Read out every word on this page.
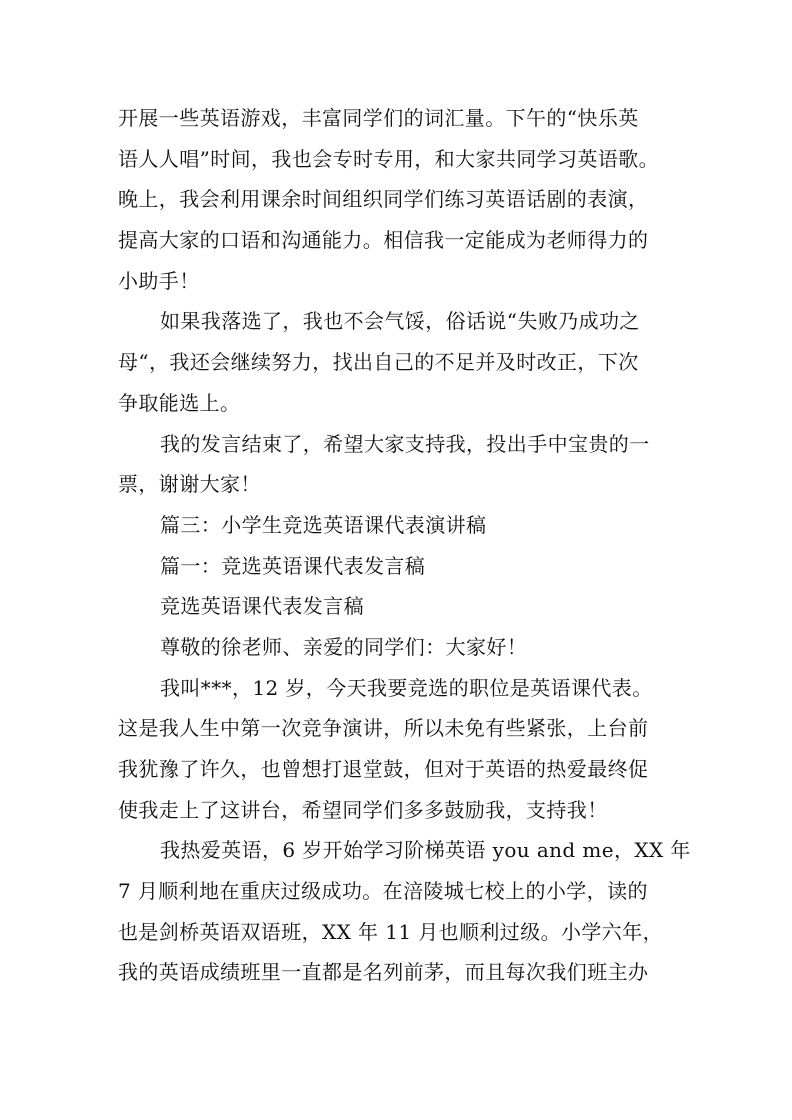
开展一些英语游戏，丰富同学们的词汇量。下午的“快乐英
语人人唱”时间，我也会专时专用，和大家共同学习英语歌。
晚上，我会利用课余时间组织同学们练习英语话剧的表演，
提高大家的口语和沟通能力。相信我一定能成为老师得力的
小助手！
如果我落选了，我也不会气馁，俗话说“失败乃成功之
母“，我还会继续努力，找出自己的不足并及时改正，下次
争取能选上。
我的发言结束了，希望大家支持我，投出手中宝贵的一
票，谢谢大家！
篇三：小学生竞选英语课代表演讲稿
篇一：竞选英语课代表发言稿
竞选英语课代表发言稿
尊敬的徐老师、亲爱的同学们：大家好！
我叫***，12 岁，今天我要竞选的职位是英语课代表。
这是我人生中第一次竞争演讲，所以未免有些紧张，上台前
我犹豫了许久，也曾想打退堂鼓，但对于英语的热爱最终促
使我走上了这讲台，希望同学们多多鼓励我，支持我！
我热爱英语，6 岁开始学习阶梯英语 you and me，XX 年
7 月顺利地在重庆过级成功。在涪陵城七校上的小学，读的
也是剑桥英语双语班，XX 年 11 月也顺利过级。小学六年，
我的英语成绩班里一直都是名列前茅，而且每次我们班主办
